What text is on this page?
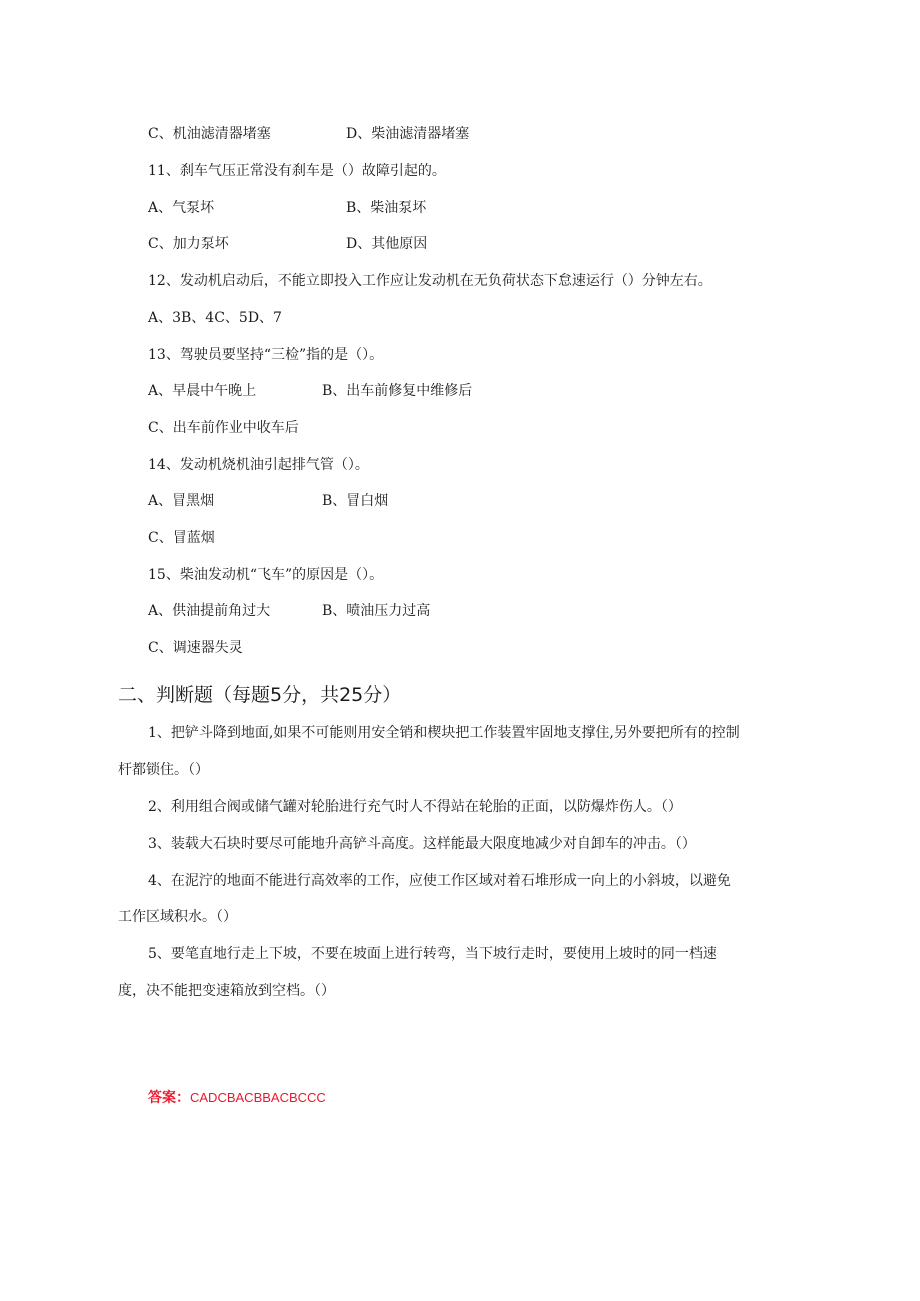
C、机油滤清器堵塞	D、柴油滤清器堵塞
11、刹车气压正常没有刹车是（）故障引起的。
A、气泵坏	B、柴油泵坏
C、加力泵坏	D、其他原因
12、发动机启动后，不能立即投入工作应让发动机在无负荷状态下怠速运行（）分钟左右。
A、3B、4C、5D、7
13、驾驶员要坚持“三检”指的是（）。
A、早晨中午晚上	B、出车前修复中维修后
C、出车前作业中收车后
14、发动机烧机油引起排气管（）。
A、冒黑烟	B、冒白烟
C、冒蓝烟
15、柴油发动机“飞车”的原因是（）。
A、供油提前角过大	B、喷油压力过高
C、调速器失灵
二、判断题（每题5分，共25分）
1、把铲斗降到地面,如果不可能则用安全销和楔块把工作装置牢固地支撑住,另外要把所有的控制
杆都锁住。（）
2、利用组合阀或储气罐对轮胎进行充气时人不得站在轮胎的正面，以防爆炸伤人。（）
3、装载大石块时要尽可能地升高铲斗高度。这样能最大限度地减少对自卸车的冲击。（）
4、在泥泞的地面不能进行高效率的工作，应使工作区域对着石堆形成一向上的小斜坡，以避免
工作区域积水。（）
5、要笔直地行走上下坡，不要在坡面上进行转弯，当下坡行走时，要使用上坡时的同一档速
度，决不能把变速箱放到空档。（）
答案：CADCBACBBACBCCC
